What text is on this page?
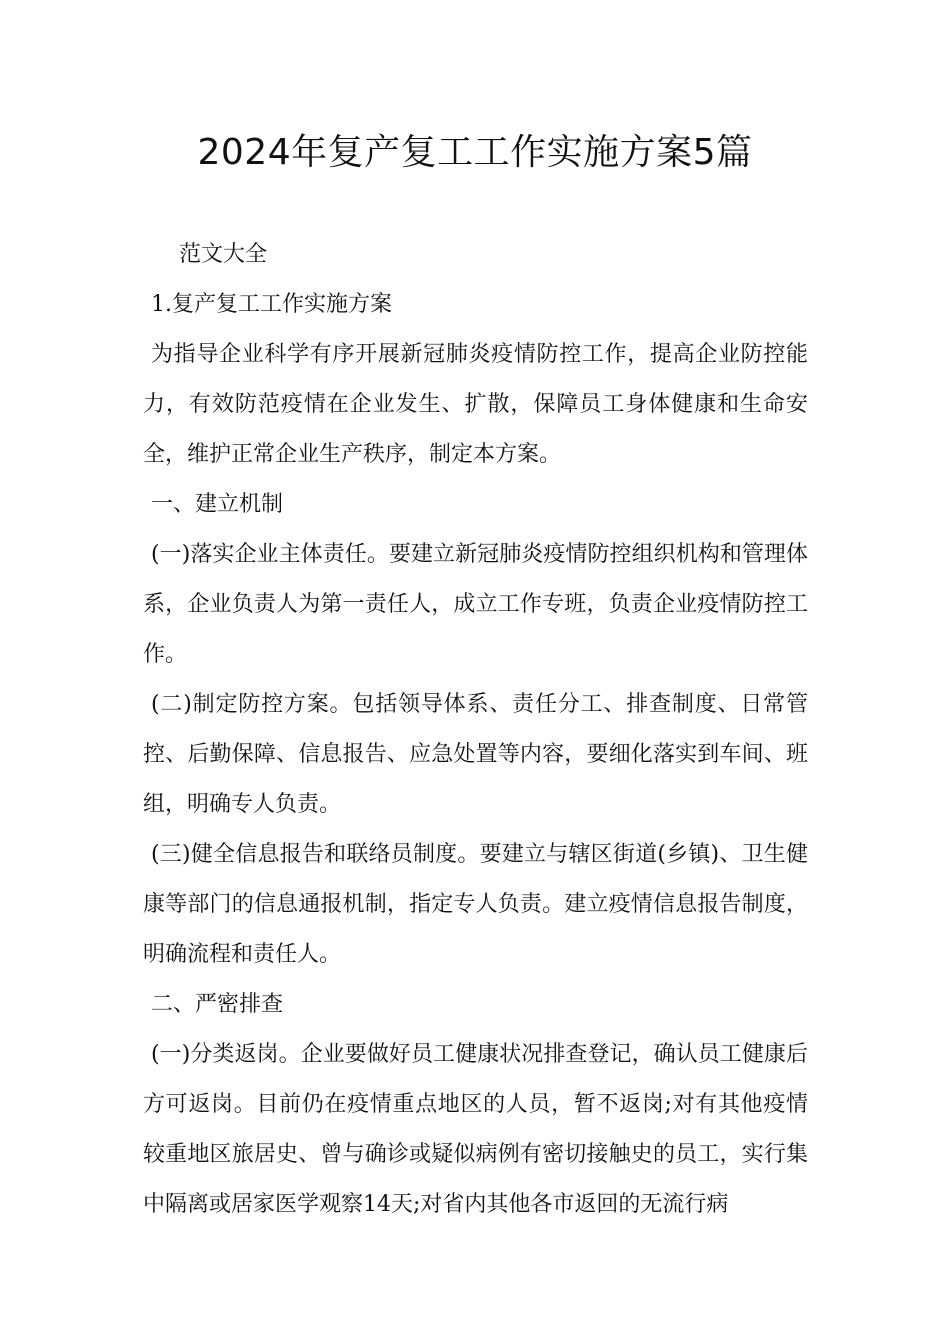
2024年复产复工工作实施方案5篇

范文大全

1.复产复工工作实施方案

为指导企业科学有序开展新冠肺炎疫情防控工作，提高企业防控能力，有效防范疫情在企业发生、扩散，保障员工身体健康和生命安全，维护正常企业生产秩序，制定本方案。

一、建立机制

(一)落实企业主体责任。要建立新冠肺炎疫情防控组织机构和管理体系，企业负责人为第一责任人，成立工作专班，负责企业疫情防控工作。

(二)制定防控方案。包括领导体系、责任分工、排查制度、日常管控、后勤保障、信息报告、应急处置等内容，要细化落实到车间、班组，明确专人负责。

(三)健全信息报告和联络员制度。要建立与辖区街道(乡镇)、卫生健康等部门的信息通报机制，指定专人负责。建立疫情信息报告制度，明确流程和责任人。

二、严密排查

(一)分类返岗。企业要做好员工健康状况排查登记，确认员工健康后方可返岗。目前仍在疫情重点地区的人员，暂不返岗;对有其他疫情较重地区旅居史、曾与确诊或疑似病例有密切接触史的员工，实行集中隔离或居家医学观察14天;对省内其他各市返回的无流行病
